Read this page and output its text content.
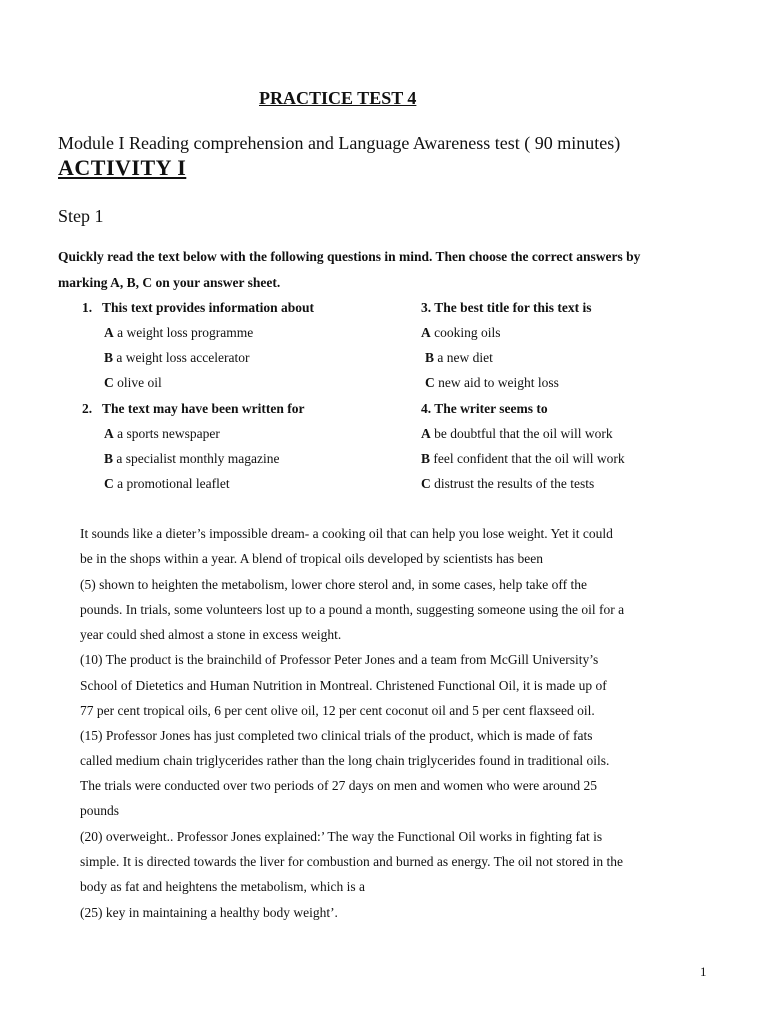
PRACTICE TEST 4
Module I Reading comprehension and Language Awareness test ( 90 minutes)
ACTIVITY I
Step 1
Quickly read the text below with the following questions in mind. Then choose the correct answers by
marking A, B, C on your answer sheet.
1. This text provides information about
A a weight loss programme
B a weight loss accelerator
C olive oil
2. The text may have been written for
A a sports newspaper
B a specialist monthly magazine
C a promotional leaflet
3. The best title for this text is
A cooking oils
B a new diet
C new aid to weight loss
4. The writer seems to
A be doubtful that the oil will work
B feel confident that the oil will work
C distrust the results of the tests
It sounds like a dieter’s impossible dream- a cooking oil that can help you lose weight. Yet it could
be in the shops within a year. A blend of tropical oils developed by scientists has been
(5) shown to heighten the metabolism, lower chore sterol and, in some cases, help take off the
pounds. In trials, some volunteers lost up to a pound a month, suggesting someone using the oil for a
year could shed almost a stone in excess weight.
(10) The product is the brainchild of Professor Peter Jones and a team from McGill University’s
School of Dietetics and Human Nutrition in Montreal. Christened Functional Oil, it is made up of
77 per cent tropical oils, 6 per cent olive oil, 12 per cent coconut oil and 5 per cent flaxseed oil.
(15) Professor Jones has just completed two clinical trials of the product, which is made of fats
called medium chain triglycerides rather than the long chain triglycerides found in traditional oils.
The trials were conducted over two periods of 27 days on men and women who were around 25
pounds
(20) overweight.. Professor Jones explained:’ The way the Functional Oil works in fighting fat is
simple. It is directed towards the liver for combustion and burned as energy. The oil not stored in the
body as fat and heightens the metabolism, which is a
(25) key in maintaining a healthy body weight’.
1
